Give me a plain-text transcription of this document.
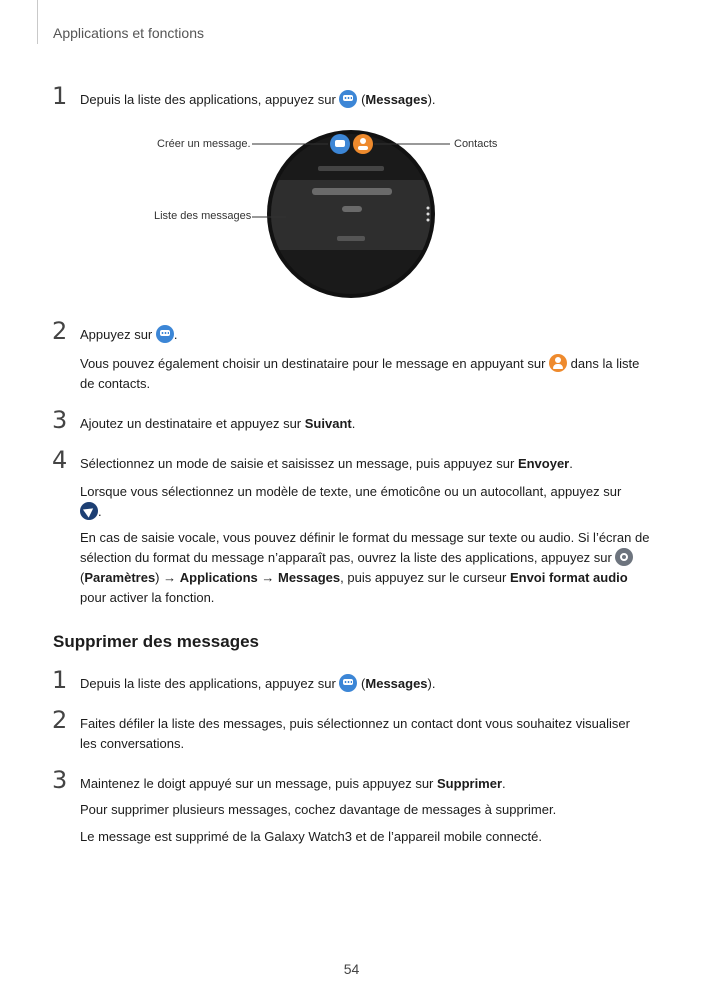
Applications et fonctions
1 Depuis la liste des applications, appuyez sur (Messages).
Créer un message.	Contacts
Liste des messages
2 Appuyez sur .
Vous pouvez également choisir un destinataire pour le message en appuyant sur dans la liste de contacts.
3 Ajoutez un destinataire et appuyez sur Suivant.
4 Sélectionnez un mode de saisie et saisissez un message, puis appuyez sur Envoyer.
Lorsque vous sélectionnez un modèle de texte, une émoticône ou un autocollant, appuyez sur .
En cas de saisie vocale, vous pouvez définir le format du message sur texte ou audio. Si l’écran de sélection du format du message n’apparaît pas, ouvrez la liste des applications, appuyez sur  (Paramètres) → Applications → Messages, puis appuyez sur le curseur Envoi format audio pour activer la fonction.
Supprimer des messages
1 Depuis la liste des applications, appuyez sur
(Messages).
2 Faites défiler la liste des messages, puis sélectionnez un contact dont vous souhaitez visualiser les conversations.
3 Maintenez le doigt appuyé sur un message, puis appuyez sur Supprimer.
Pour supprimer plusieurs messages, cochez davantage de messages à supprimer.
Le message est supprimé de la Galaxy Watch3 et de l’appareil mobile connecté.
54
